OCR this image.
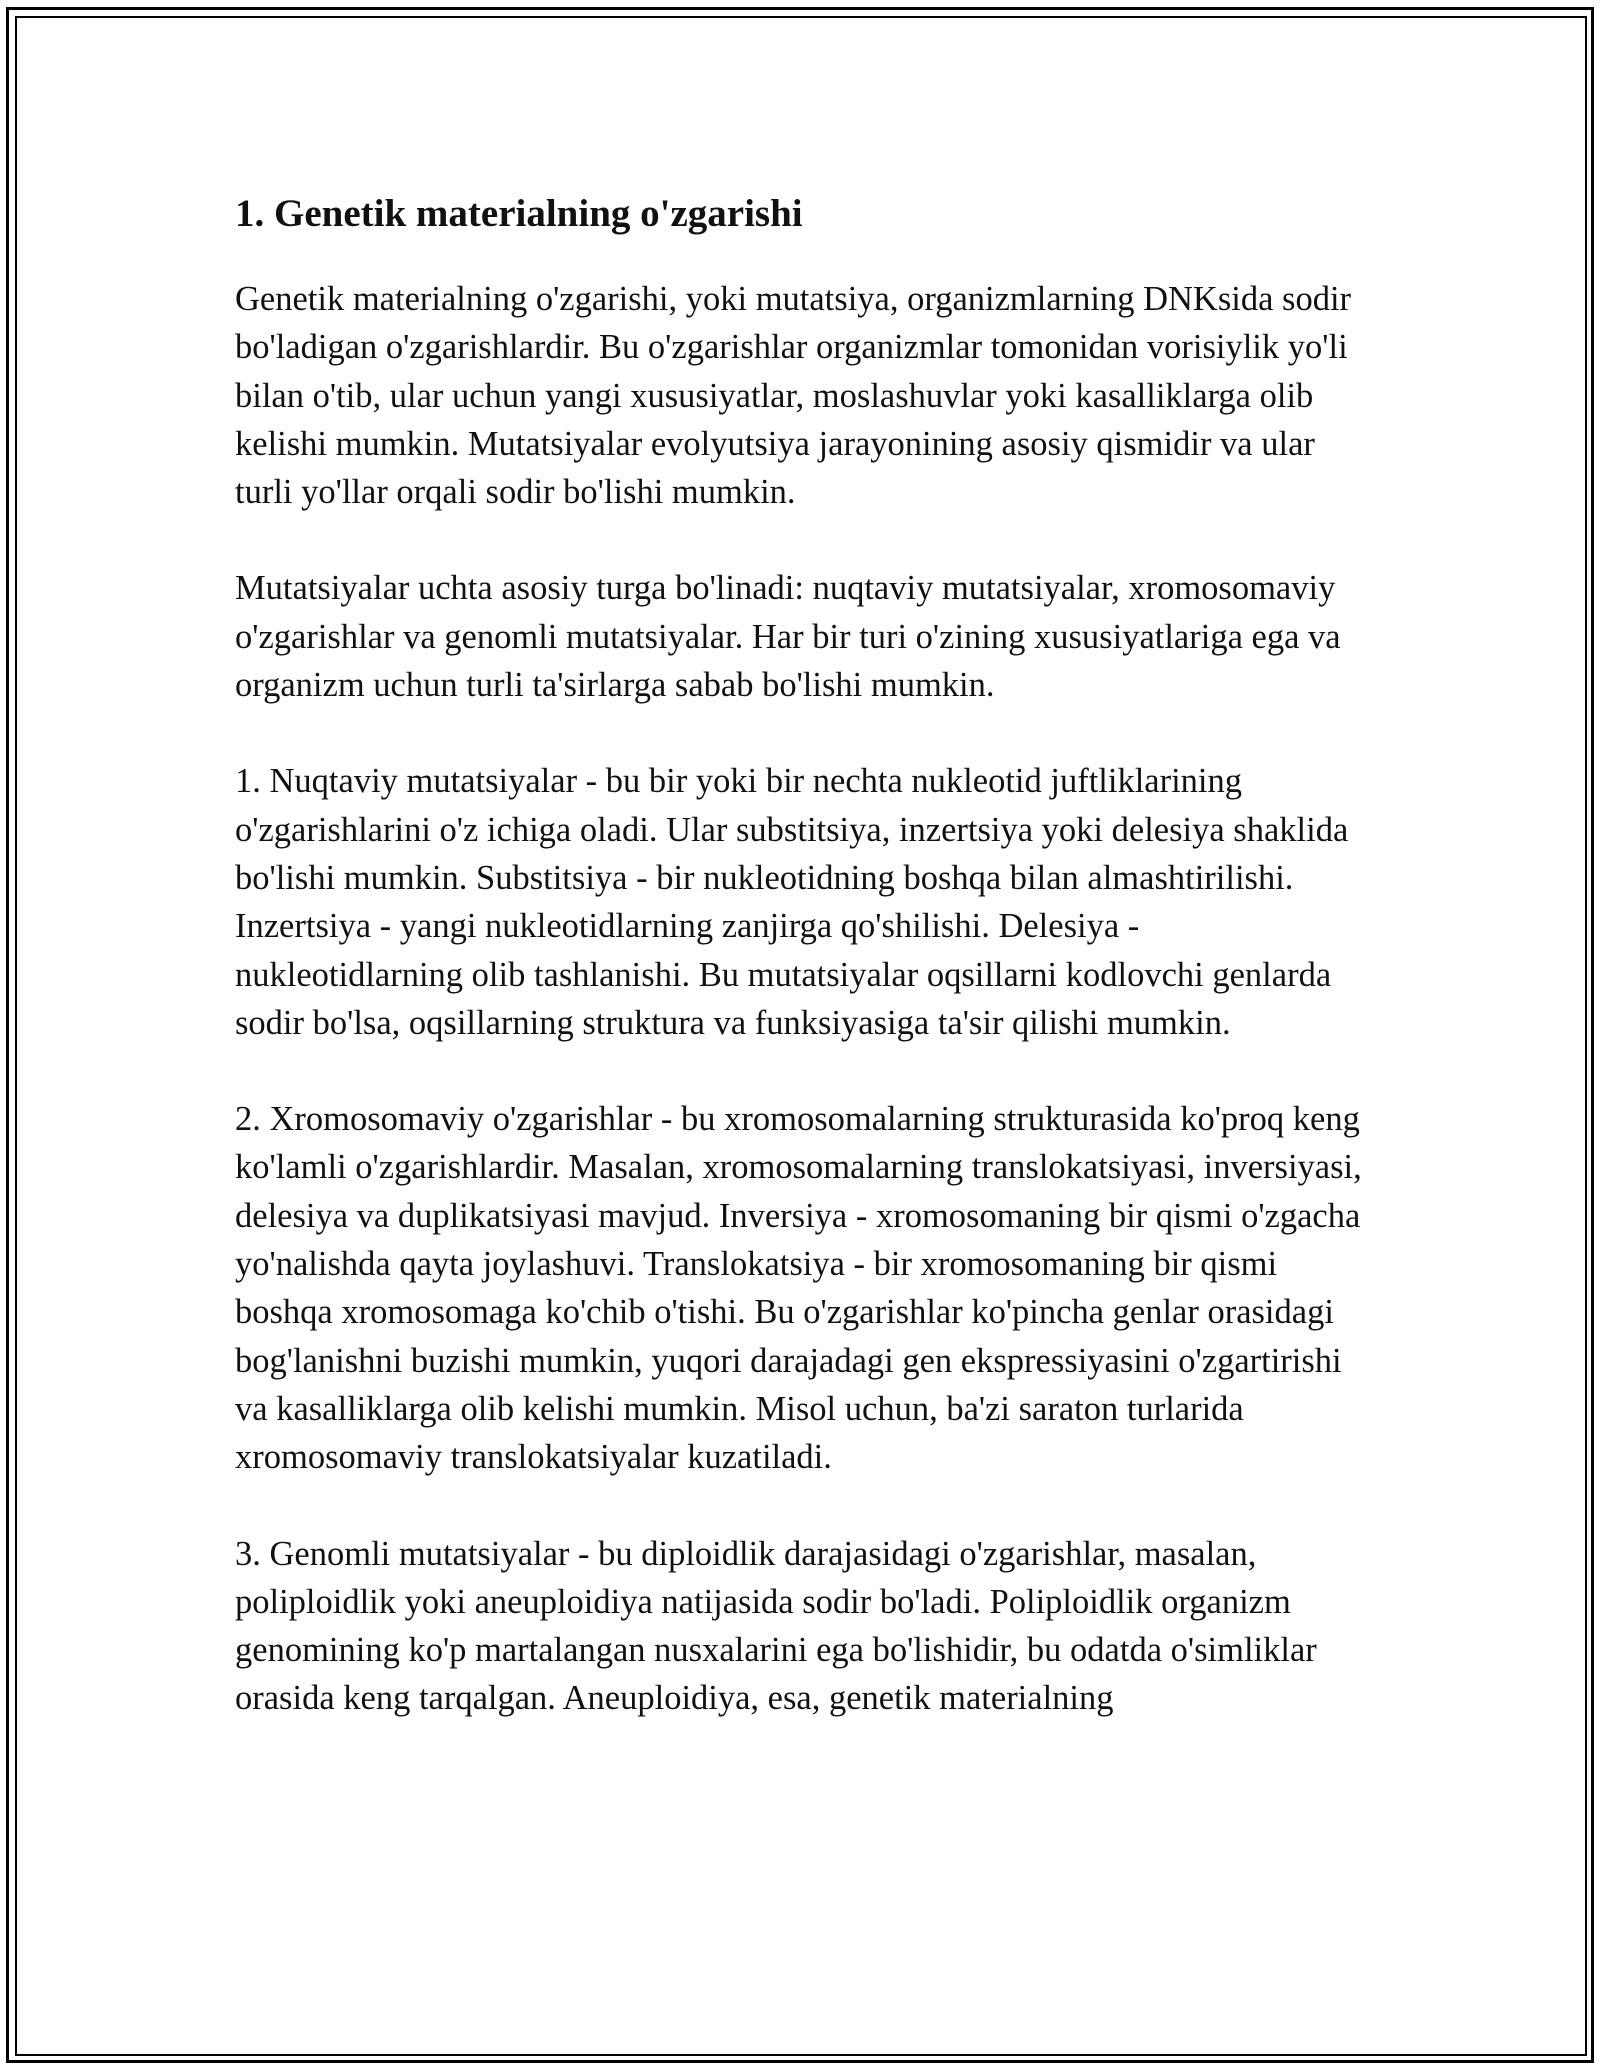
1. Genetik materialning o'zgarishi

Genetik materialning o'zgarishi, yoki mutatsiya, organizmlarning DNKsida sodir bo'ladigan o'zgarishlardir. Bu o'zgarishlar organizmlar tomonidan vorisiylik yo'li bilan o'tib, ular uchun yangi xususiyatlar, moslashuvlar yoki kasalliklarga olib kelishi mumkin. Mutatsiyalar evolyutsiya jarayonining asosiy qismidir va ular turli yo'llar orqali sodir bo'lishi mumkin.

Mutatsiyalar uchta asosiy turga bo'linadi: nuqtaviy mutatsiyalar, xromosomaviy o'zgarishlar va genomli mutatsiyalar. Har bir turi o'zining xususiyatlariga ega va organizm uchun turli ta'sirlarga sabab bo'lishi mumkin.

1. Nuqtaviy mutatsiyalar - bu bir yoki bir nechta nukleotid juftliklarining o'zgarishlarini o'z ichiga oladi. Ular substitsiya, inzertsiya yoki delesiya shaklida bo'lishi mumkin. Substitsiya - bir nukleotidning boshqa bilan almashtirilishi. Inzertsiya - yangi nukleotidlarning zanjirga qo'shilishi. Delesiya - nukleotidlarning olib tashlanishi. Bu mutatsiyalar oqsillarni kodlovchi genlarda sodir bo'lsa, oqsillarning struktura va funksiyasiga ta'sir qilishi mumkin.

2. Xromosomaviy o'zgarishlar - bu xromosomalarning strukturasida ko'proq keng ko'lamli o'zgarishlardir. Masalan, xromosomalarning translokatsiyasi, inversiyasi, delesiya va duplikatsiyasi mavjud. Inversiya - xromosomaning bir qismi o'zgacha yo'nalishda qayta joylashuvi. Translokatsiya - bir xromosomaning bir qismi boshqa xromosomaga ko'chib o'tishi. Bu o'zgarishlar ko'pincha genlar orasidagi bog'lanishni buzishi mumkin, yuqori darajadagi gen ekspressiyasini o'zgartirishi va kasalliklarga olib kelishi mumkin. Misol uchun, ba'zi saraton turlarida xromosomaviy translokatsiyalar kuzatiladi.

3. Genomli mutatsiyalar - bu diploidlik darajasidagi o'zgarishlar, masalan, poliploidlik yoki aneuploidiya natijasida sodir bo'ladi. Poliploidlik organizm genomining ko'p martalangan nusxalarini ega bo'lishidir, bu odatda o'simliklar orasida keng tarqalgan. Aneuploidiya, esa, genetik materialning
